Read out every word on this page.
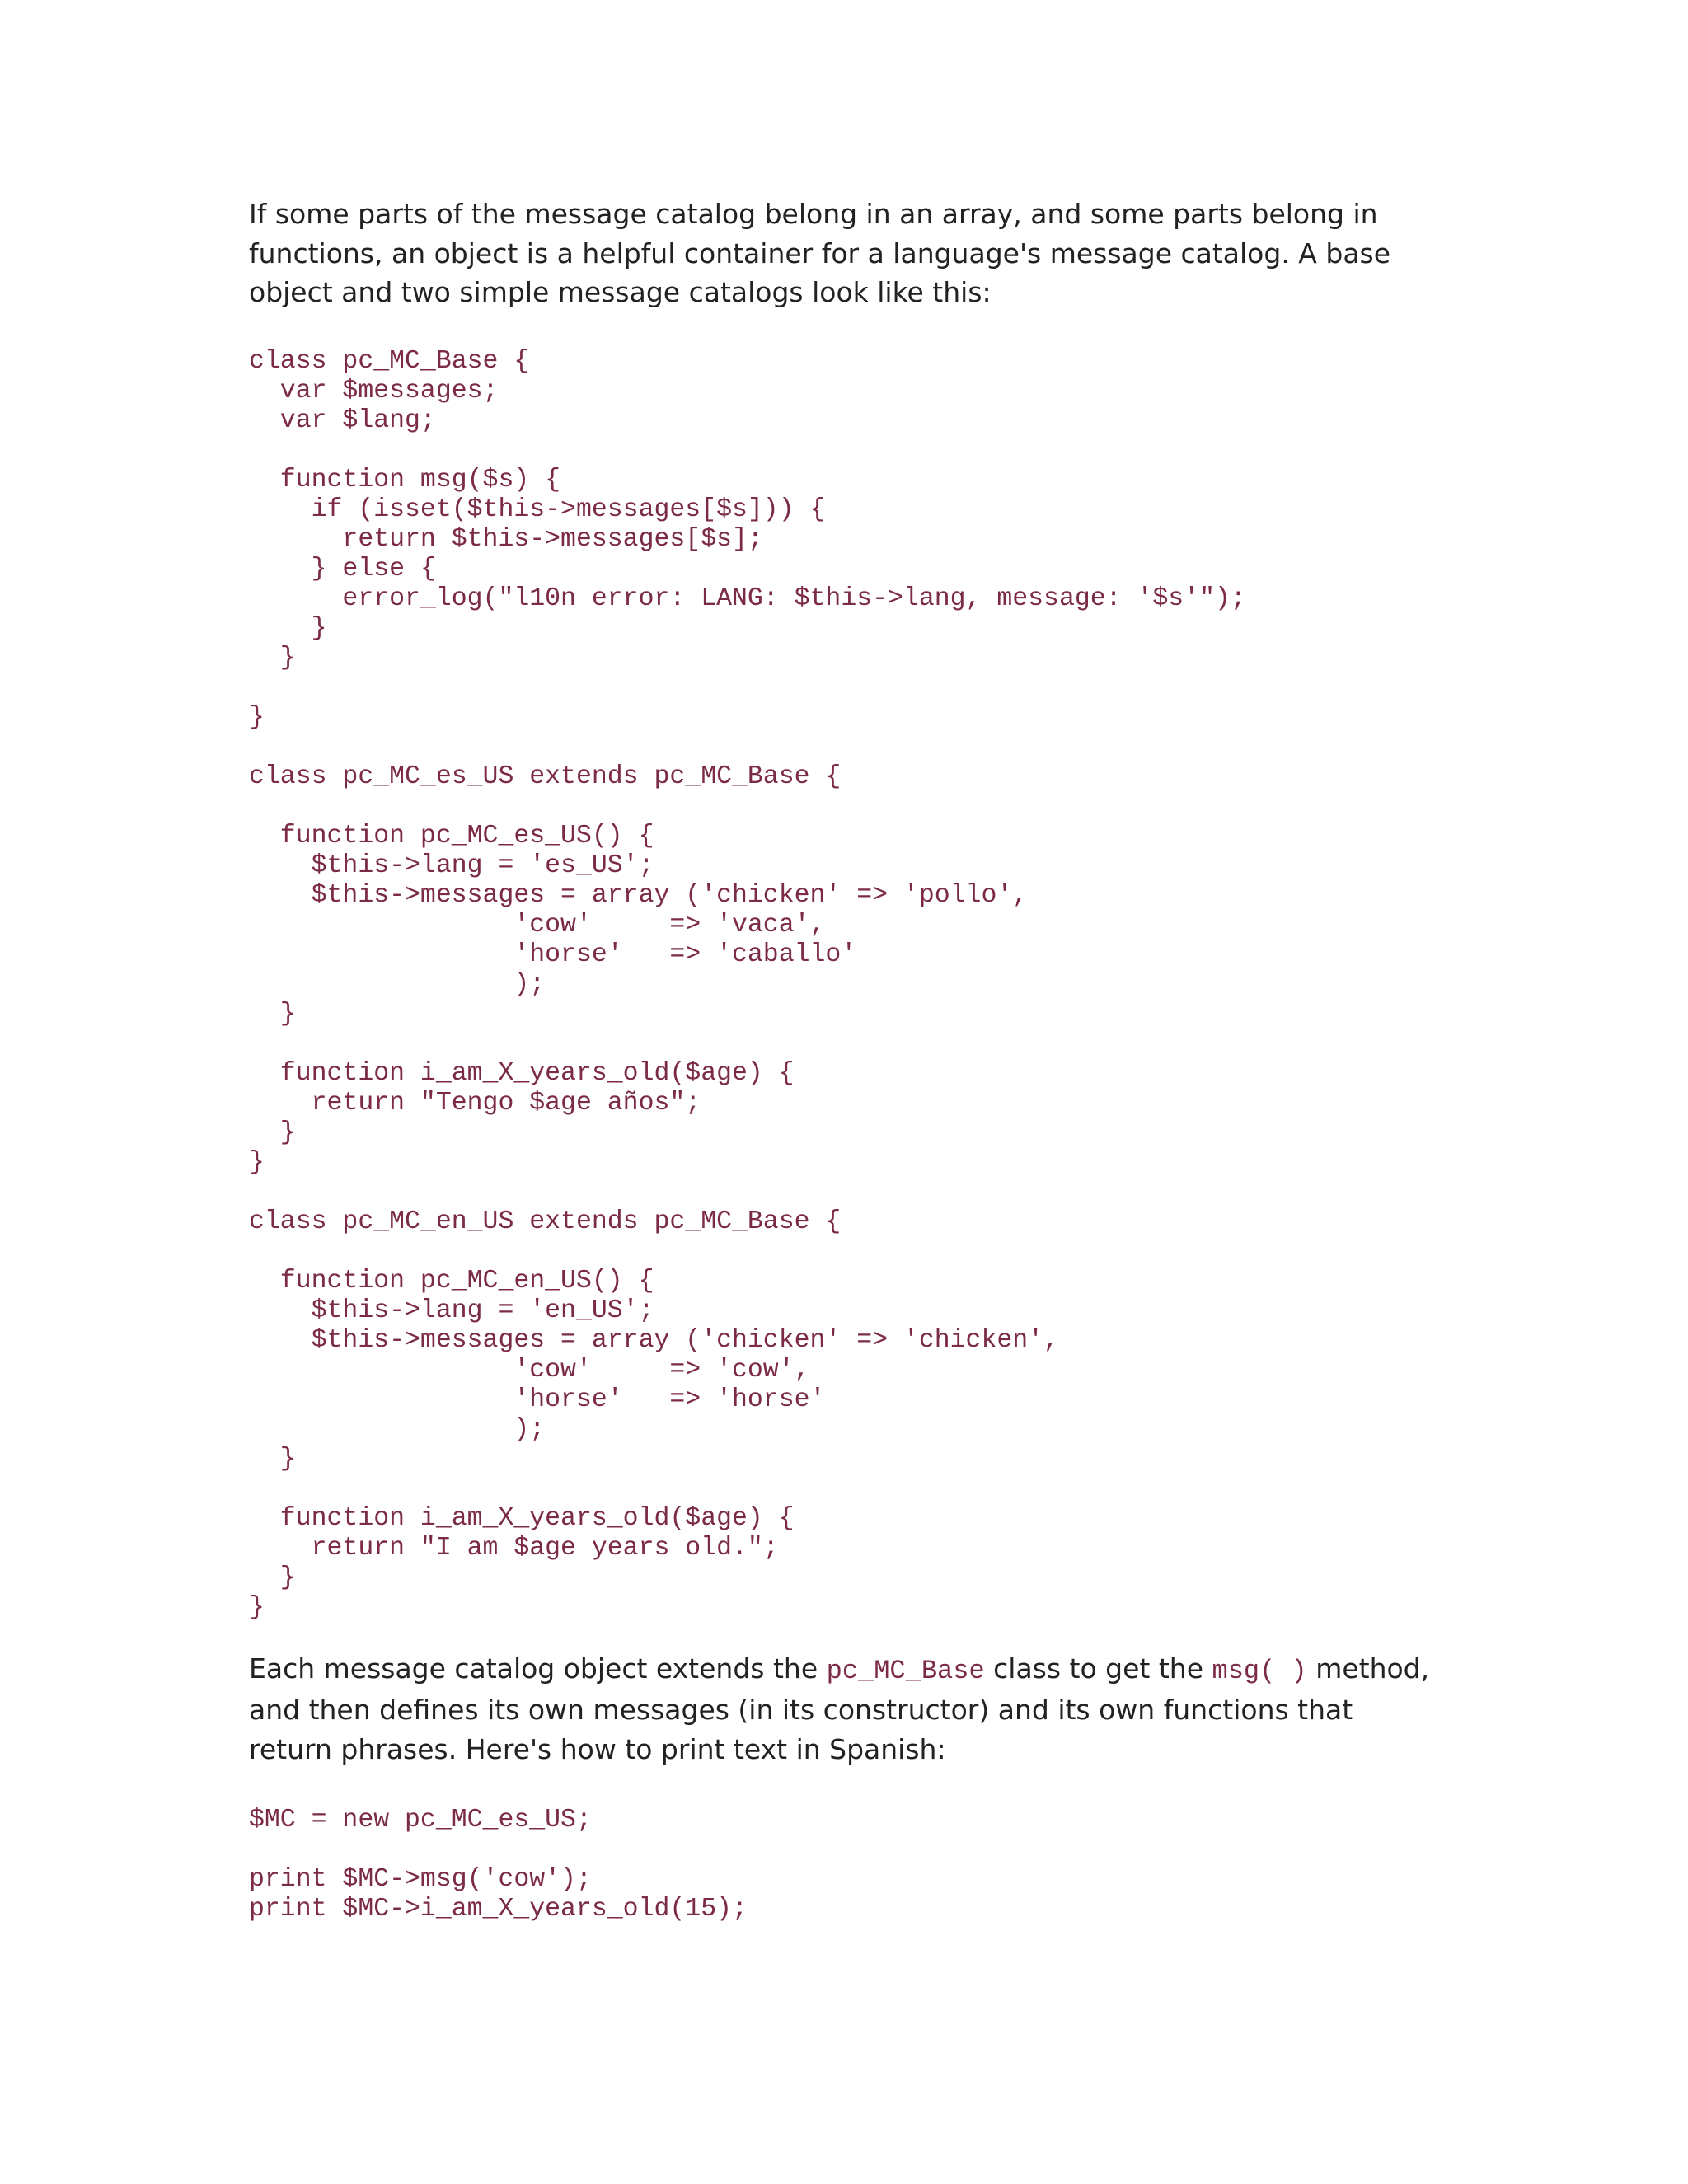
If some parts of the message catalog belong in an array, and some parts belong in functions, an object is a helpful container for a language's message catalog. A base object and two simple message catalogs look like this:

class pc_MC_Base {
var $messages;
var $lang;
function msg($s) {
if (isset($this->messages[$s])) {
return $this->messages[$s];
} else {
error_log("l10n error: LANG: $this->lang, message: '$s'");
}
}
}
class pc_MC_es_US extends pc_MC_Base {
function pc_MC_es_US() {
$this->lang = 'es_US';
$this->messages = array ('chicken' => 'pollo',
'cow'     => 'vaca',
'horse'   => 'caballo'
);
}
function i_am_X_years_old($age) {
return "Tengo $age años";
}
}
class pc_MC_en_US extends pc_MC_Base {
function pc_MC_en_US() {
$this->lang = 'en_US';
$this->messages = array ('chicken' => 'chicken',
'cow'     => 'cow',
'horse'   => 'horse'
);
}
function i_am_X_years_old($age) {
return "I am $age years old.";
}
}

Each message catalog object extends the pc_MC_Base class to get the msg( ) method, and then defines its own messages (in its constructor) and its own functions that return phrases. Here's how to print text in Spanish:

$MC = new pc_MC_es_US;
print $MC->msg('cow');
print $MC->i_am_X_years_old(15);
